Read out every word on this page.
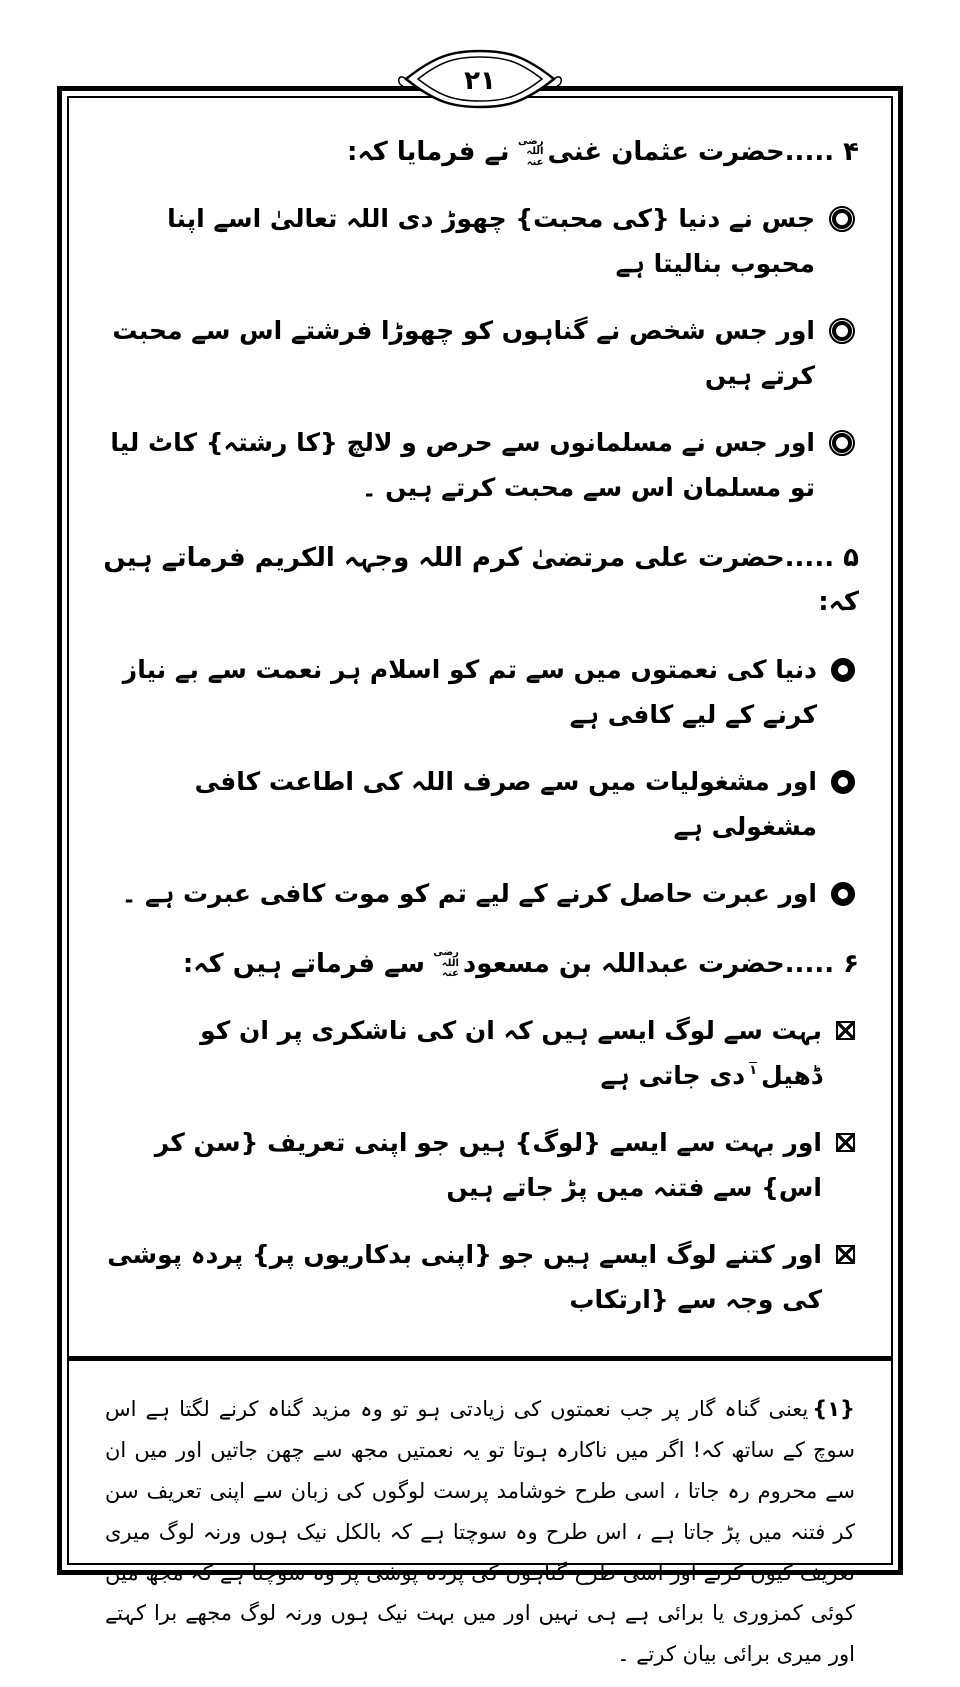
۲۱
۴ .....حضرت عثمان غنیرضی اللہ عنہنے فرمایا کہ:
جس نے دنیا {کی محبت} چھوڑ دی اللہ تعالیٰ اسے اپنا محبوب بنالیتا ہے
اور جس شخص نے گناہوں کو چھوڑا فرشتے اس سے محبت کرتے ہیں
اور جس نے مسلمانوں سے حرص و لالچ {کا رشتہ} کاٹ لیا تو مسلمان اس سے محبت کرتے ہیں ۔
۵ .....حضرت علی مرتضیٰ کرم اللہ وجہہ الکریم فرماتے ہیں کہ:
دنیا کی نعمتوں میں سے تم کو اسلام ہر نعمت سے بے نیاز کرنے کے لیے کافی ہے
اور مشغولیات میں سے صرف اللہ کی اطاعت کافی مشغولی ہے
اور عبرت حاصل کرنے کے لیے تم کو موت کافی عبرت ہے ۔
۶ .....حضرت عبداللہ بن مسعودرضی اللہ عنہسے فرماتے ہیں کہ:
بہت سے لوگ ایسے ہیں کہ ان کی ناشکری پر ان کو ڈھیل$^۱$دی جاتی ہے
اور بہت سے ایسے {لوگ} ہیں جو اپنی تعریف {سن کر اس} سے فتنہ میں پڑ جاتے ہیں
اور کتنے لوگ ایسے ہیں جو {اپنی بدکاریوں پر} پردہ پوشی کی وجہ سے {ارتکاب
{۱}یعنی گناہ گار پر جب نعمتوں کی زیادتی ہو تو وہ مزید گناہ کرنے لگتا ہے اس سوچ کے ساتھ کہ! اگر میں ناکارہ ہوتا تو یہ نعمتیں مجھ سے چھن جاتیں اور میں ان سے محروم رہ جاتا ، اسی طرح خوشامد پرست لوگوں کی زبان سے اپنی تعریف سن کر فتنہ میں پڑ جاتا ہے ، اس طرح وہ سوچتا ہے کہ بالکل نیک ہوں ورنہ لوگ میری تعریف کیوں کرتے اور اسی طرح گناہوں کی پردہ پوشی پر وہ سوچتا ہے کہ مجھ میں کوئی کمزوری یا برائی ہے ہی نہیں اور میں بہت نیک ہوں ورنہ لوگ مجھے برا کہتے اور میری برائی بیان کرتے ۔
